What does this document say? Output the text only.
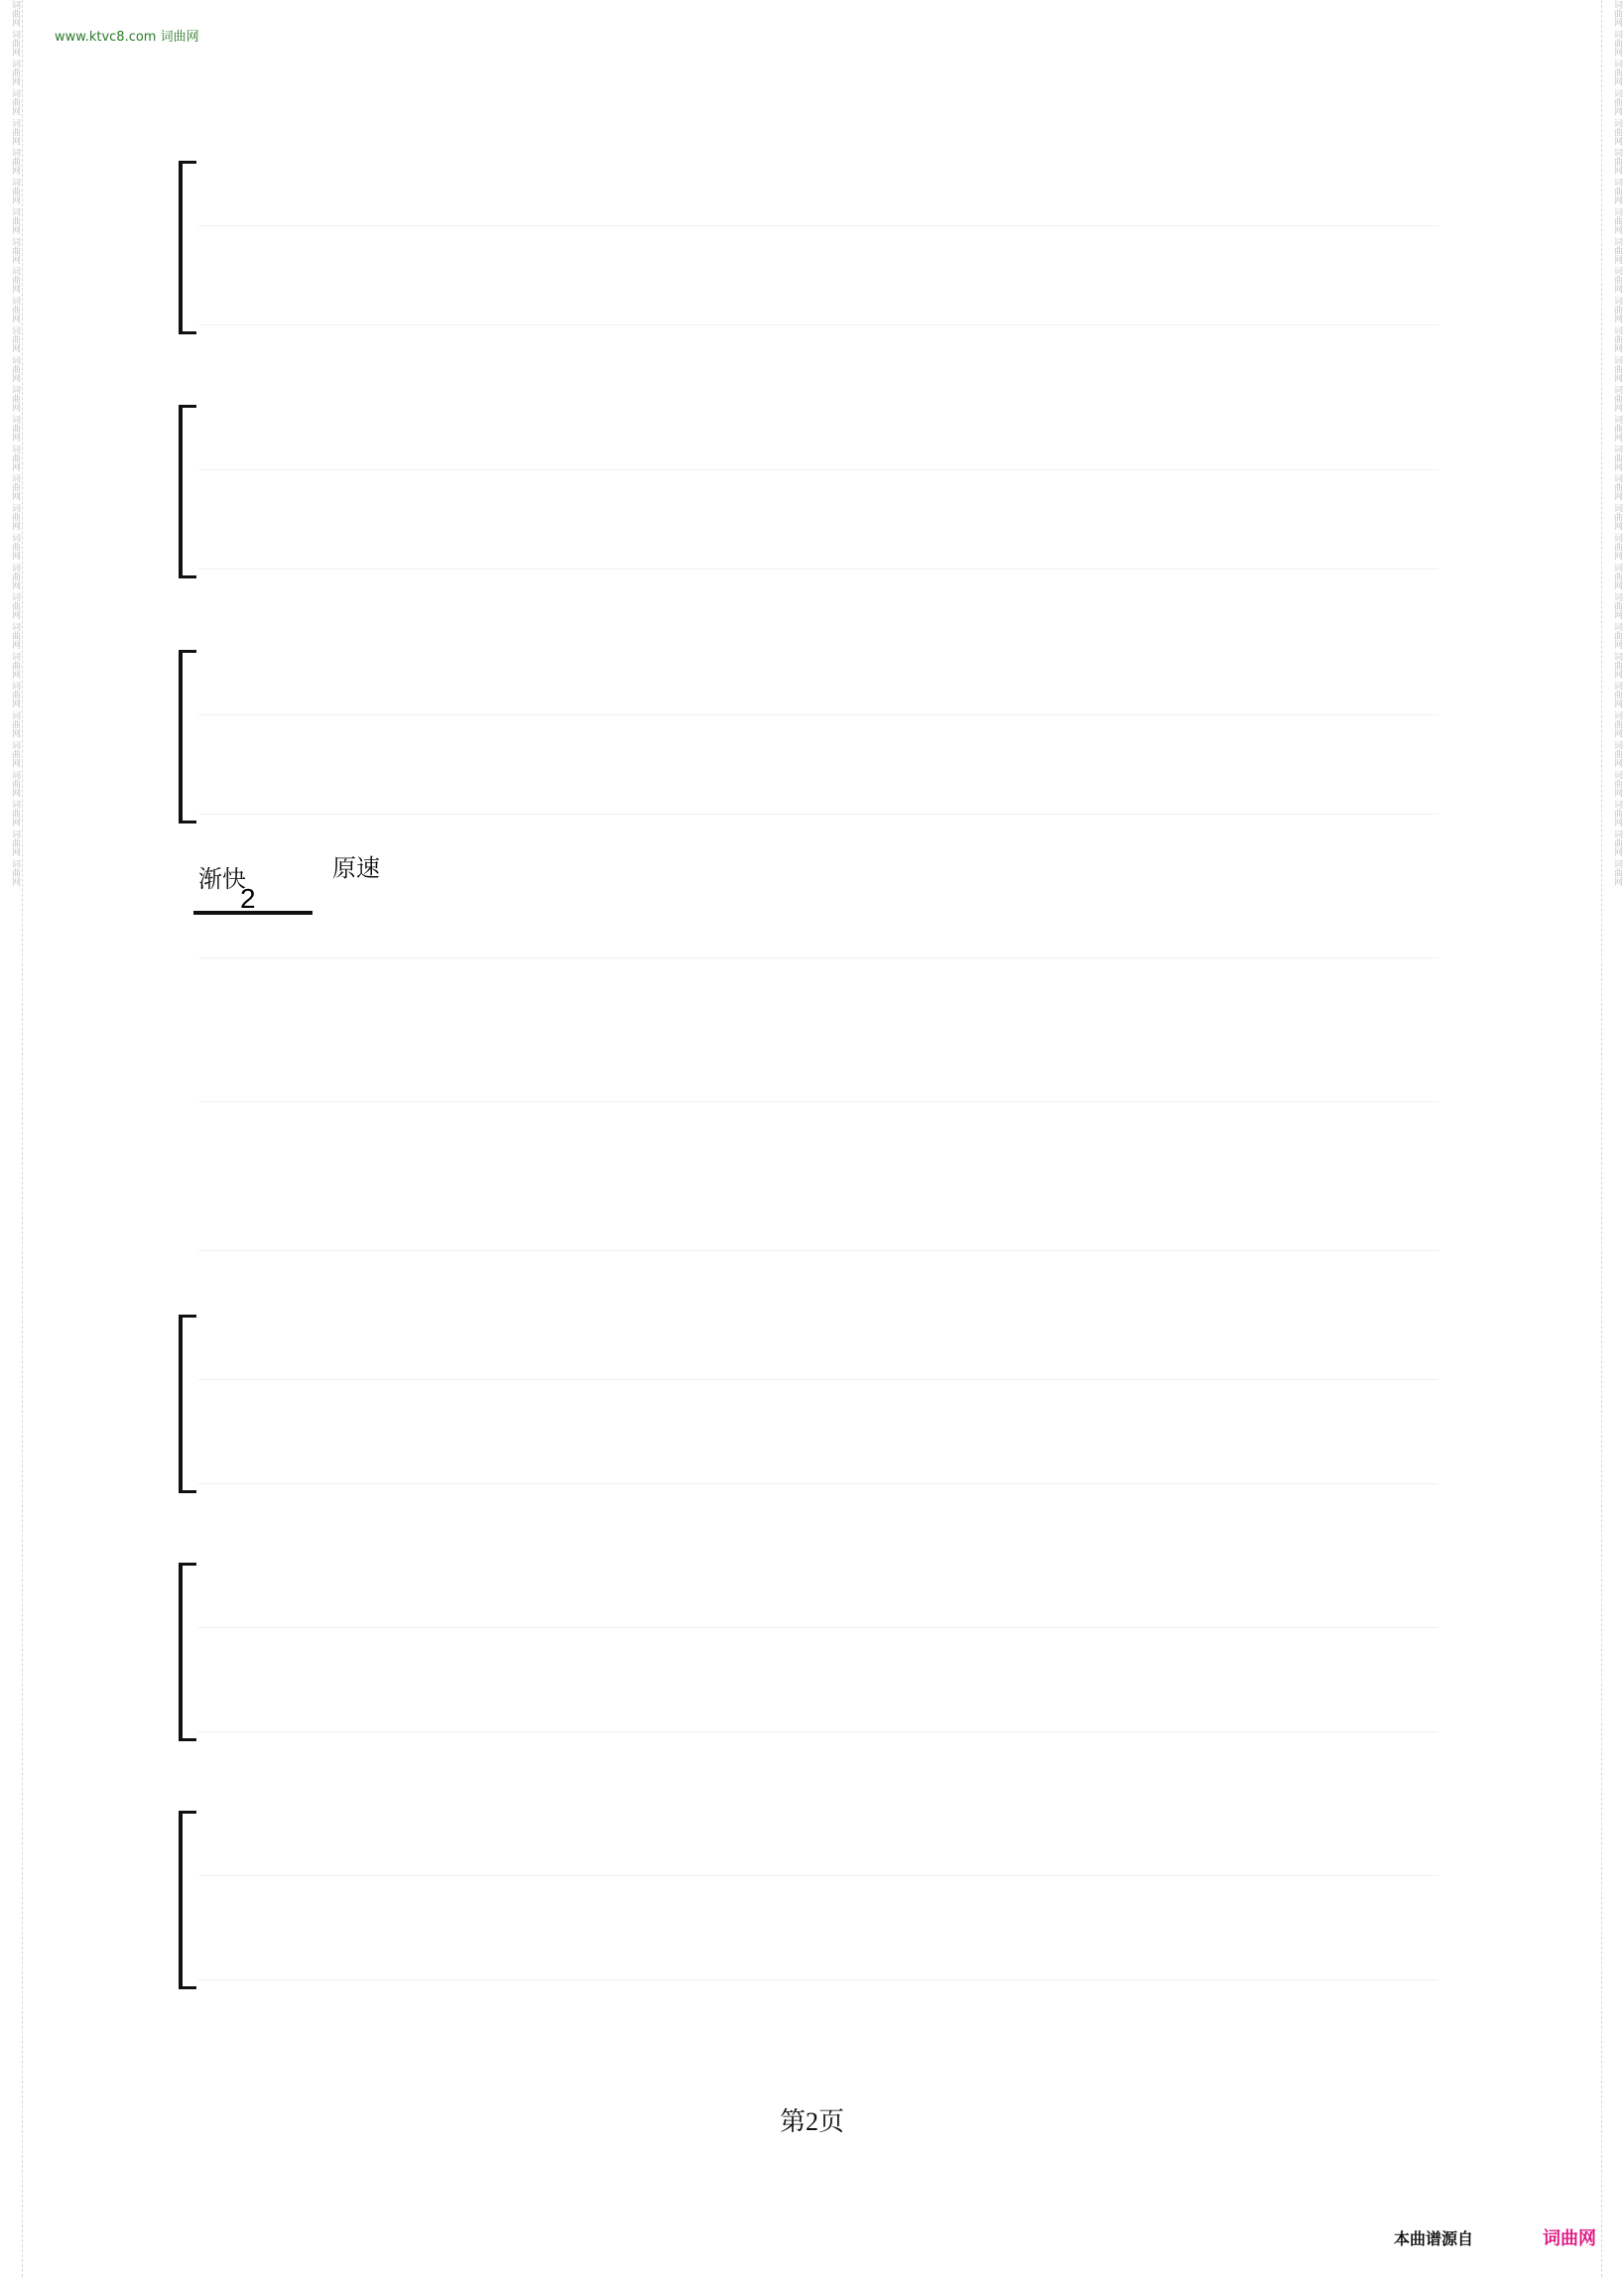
www.ktvc8.com 词曲网
词曲网 词曲网 词曲网 词曲网 词曲网 词曲网 词曲网 词曲网 词曲网 词曲网 词曲网 词曲网 词曲网 词曲网 词曲网 词曲网 词曲网 词曲网 词曲网 词曲网 词曲网 词曲网 词曲网 词曲网 词曲网 词曲网 词曲网 词曲网 词曲网 词曲网	词曲网 词曲网 词曲网 词曲网 词曲网 词曲网 词曲网 词曲网 词曲网 词曲网 词曲网 词曲网 词曲网 词曲网 词曲网 词曲网 词曲网 词曲网 词曲网 词曲网 词曲网 词曲网 词曲网 词曲网 词曲网 词曲网 词曲网 词曲网 词曲网 词曲网
渐快	原速
2
第2页
本曲谱源自	词曲网
